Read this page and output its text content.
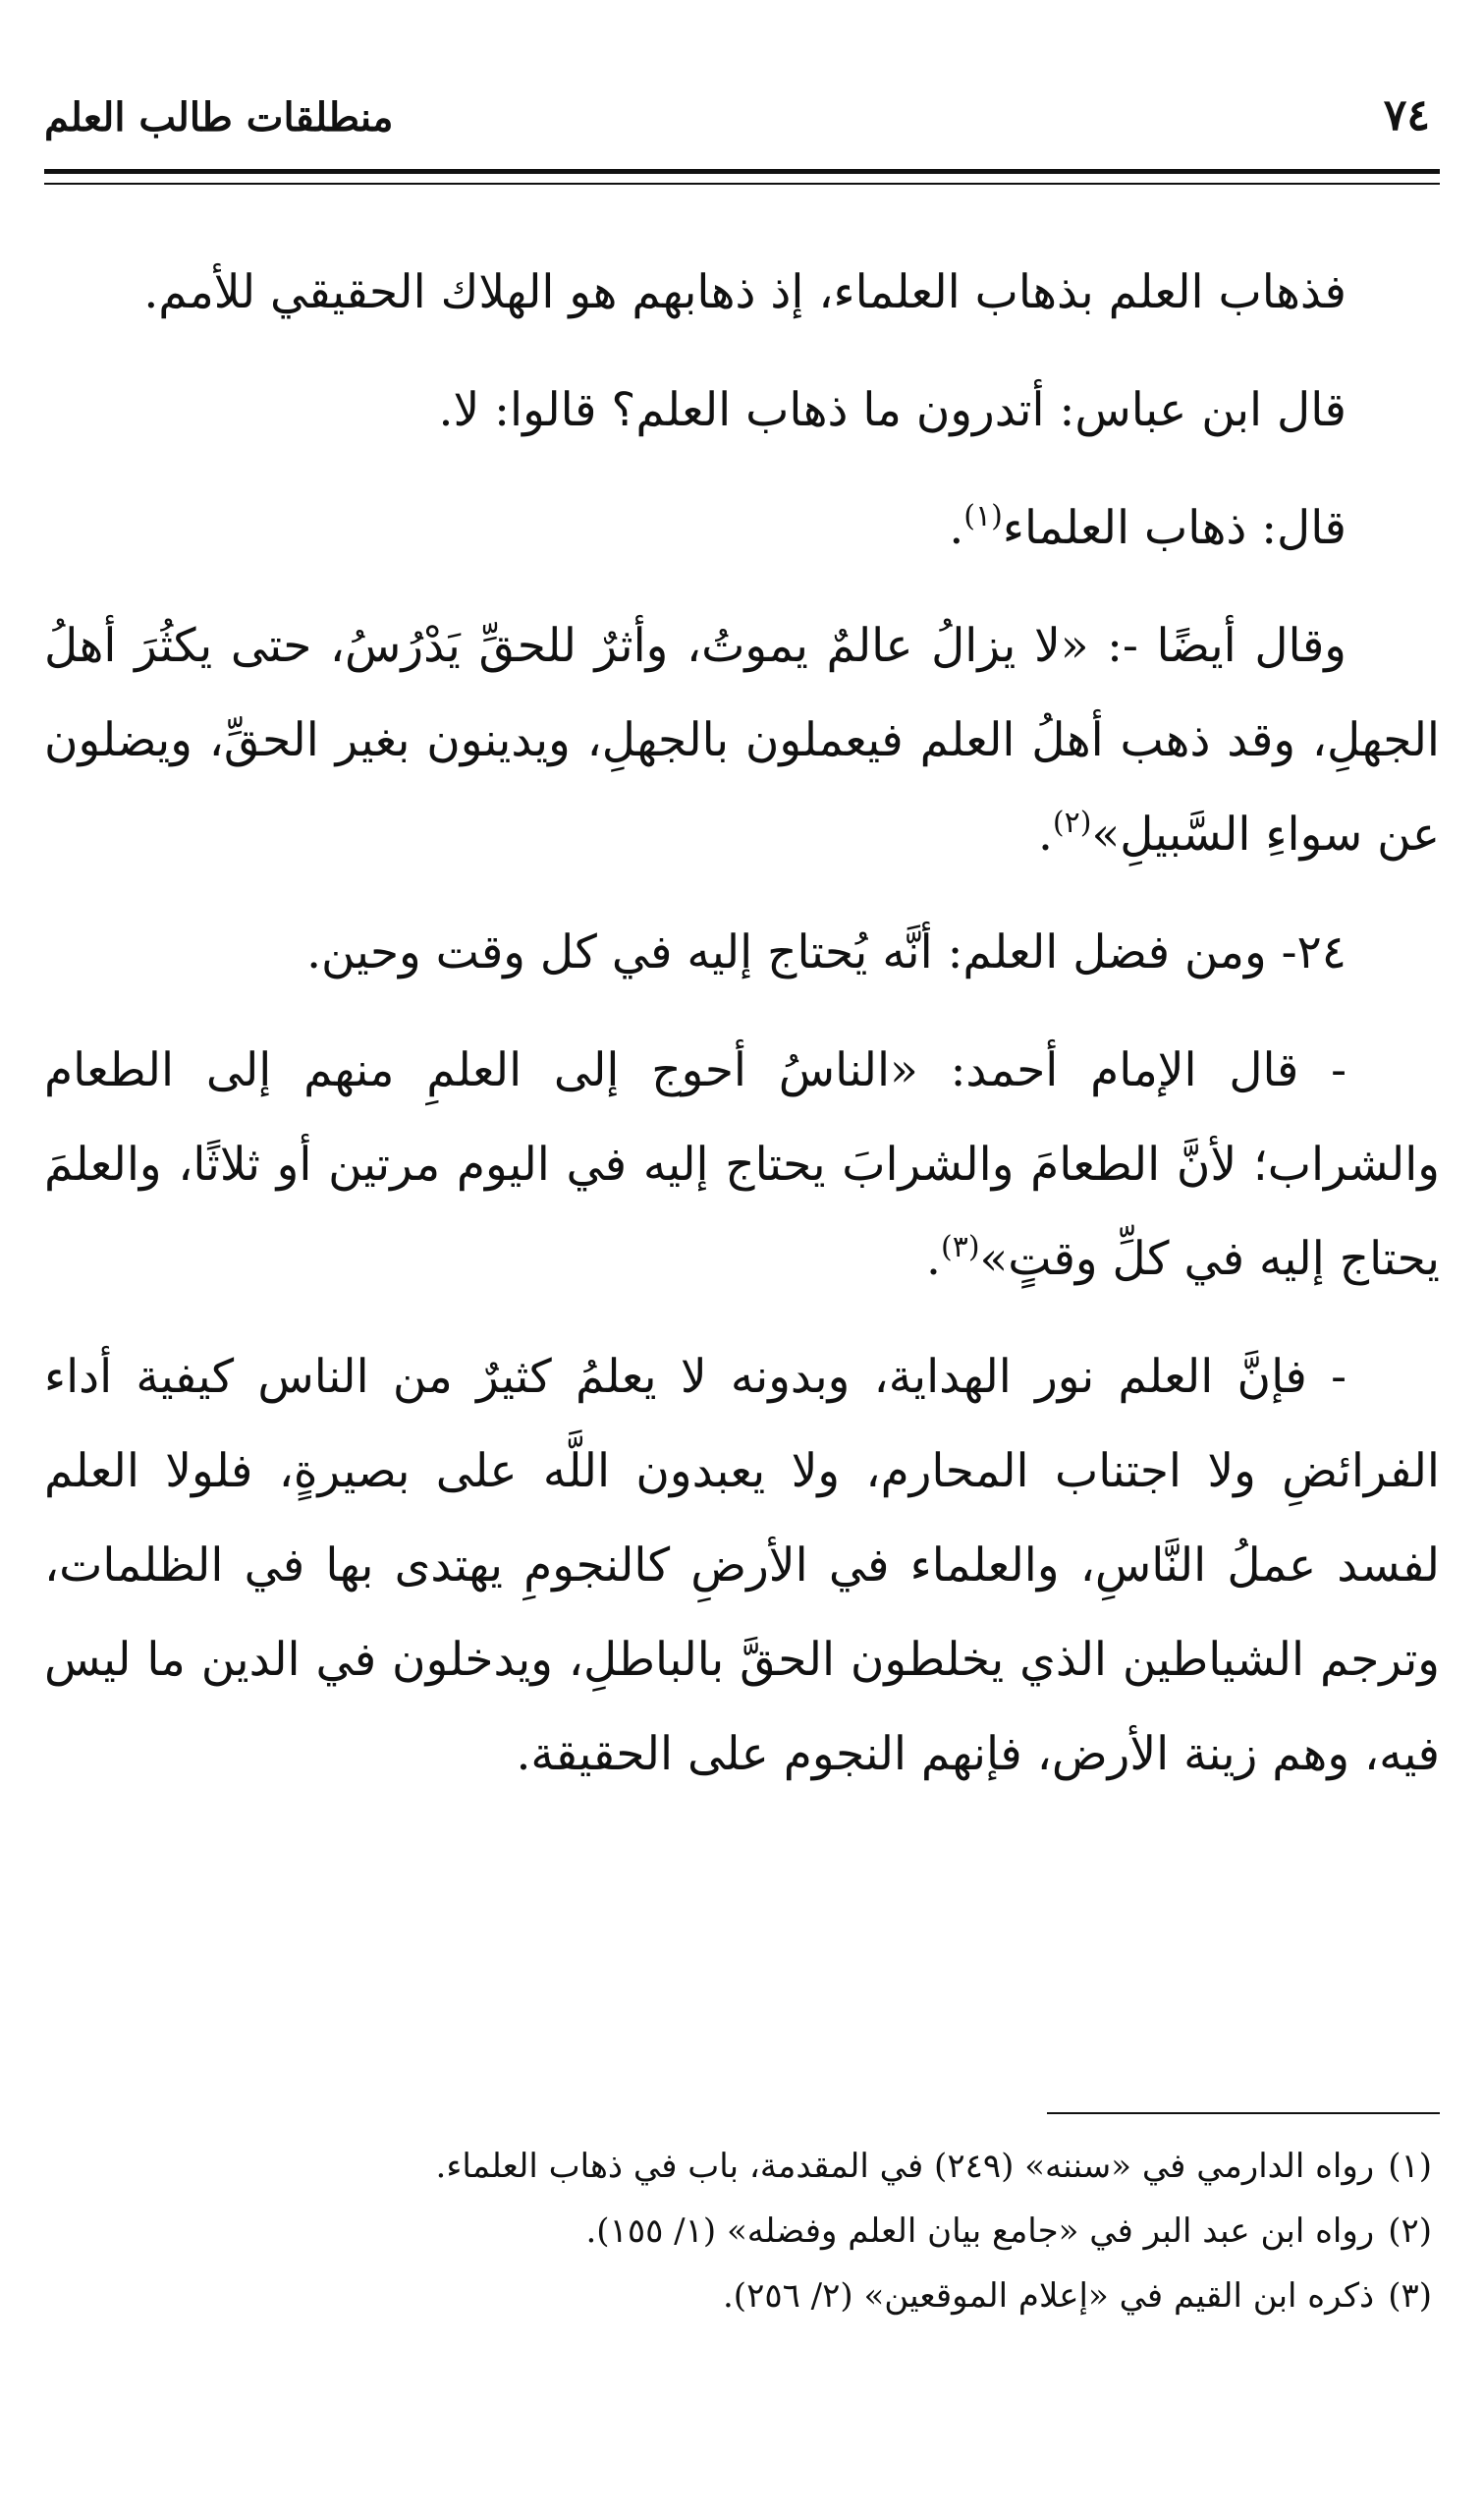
٧٤
منطلقات طالب العلم

فذهاب العلم بذهاب العلماء، إذ ذهابهم هو الهلاك الحقيقي للأمم.

قال ابن عباس: أتدرون ما ذهاب العلم؟ قالوا: لا.

قال: ذهاب العلماء$^{(١)}$.

وقال أيضًا -: «لا يزالُ عالمٌ يموتُ، وأثرٌ للحقِّ يَدْرُسُ، حتى يكثُرَ أهلُ الجهلِ، وقد ذهب أهلُ العلم فيعملون بالجهلِ، ويدينون بغير الحقِّ، ويضلون عن سواءِ السَّبيلِ»$^{(٢)}$.

٢٤- ومن فضل العلم: أنَّه يُحتاج إليه في كل وقت وحين.

- قال الإمام أحمد: «الناسُ أحوج إلى العلمِ منهم إلى الطعام والشراب؛ لأنَّ الطعامَ والشرابَ يحتاج إليه في اليوم مرتين أو ثلاثًا، والعلمَ يحتاج إليه في كلِّ وقتٍ»$^{(٣)}$.

- فإنَّ العلم نور الهداية، وبدونه لا يعلمُ كثيرٌ من الناس كيفية أداء الفرائضِ ولا اجتناب المحارم، ولا يعبدون اللَّه على بصيرةٍ، فلولا العلم لفسد عملُ النَّاسِ، والعلماء في الأرضِ كالنجومِ يهتدى بها في الظلمات، وترجم الشياطين الذي يخلطون الحقَّ بالباطلِ، ويدخلون في الدين ما ليس فيه، وهم زينة الأرض، فإنهم النجوم على الحقيقة.

(١)رواه الدارمي في «سننه» (٢٤٩) في المقدمة، باب في ذهاب العلماء.

(٢)رواه ابن عبد البر في «جامع بيان العلم وفضله» (١/ ١٥٥).

(٣)ذكره ابن القيم في «إعلام الموقعين» (٢/ ٢٥٦).
